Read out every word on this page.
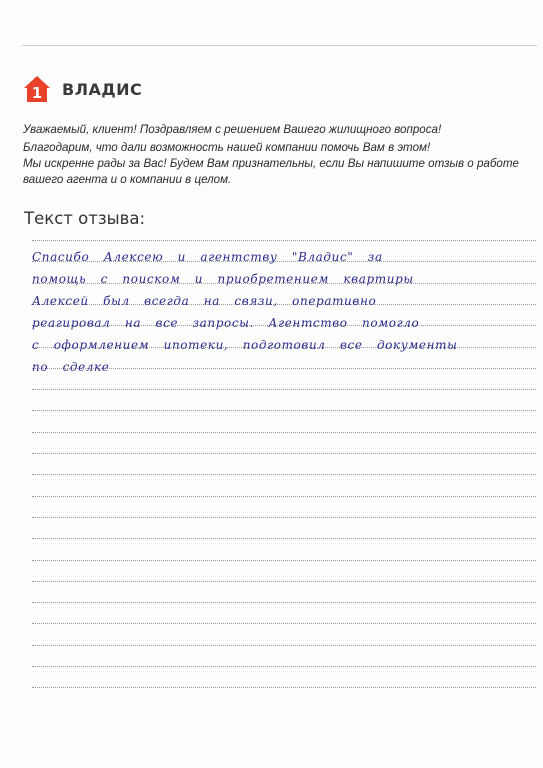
1 ВЛАДИС
Уважаемый, клиент! Поздравляем с решением Вашего жилищного вопроса!
Благодарим, что дали возможность нашей компании помочь Вам в этом!
Мы искренне рады за Вас! Будем Вам признательны, если Вы напишите отзыв о работе
вашего агента и о компании в целом.
Текст отзыва:
Спасибо Алексею и агентству "Владис" за
помощь с поиском и приобретением квартиры
Алексей был всегда на связи, оперативно
реагировал на все запросы. Агентство помогло
с оформлением ипотеки, подготовил все документы
по сделке
